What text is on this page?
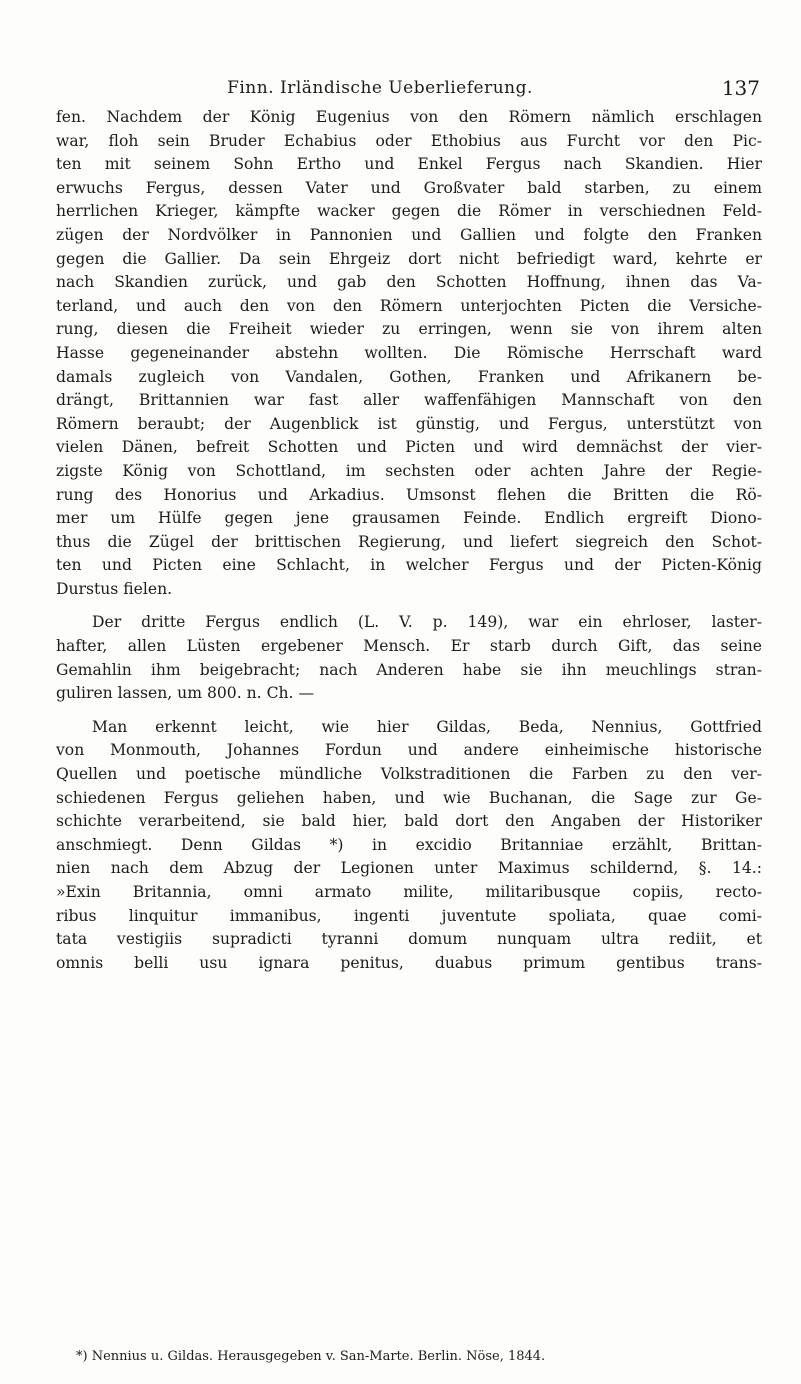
Finn. Irländische Ueberlieferung.	137
fen. Nachdem der König Eugenius von den Römern nämlich erschlagen
war, floh sein Bruder Echabius oder Ethobius aus Furcht vor den Pic-
ten mit seinem Sohn Ertho und Enkel Fergus nach Skandien. Hier
erwuchs Fergus, dessen Vater und Großvater bald starben, zu einem
herrlichen Krieger, kämpfte wacker gegen die Römer in verschiednen Feld-
zügen der Nordvölker in Pannonien und Gallien und folgte den Franken
gegen die Gallier. Da sein Ehrgeiz dort nicht befriedigt ward, kehrte er
nach Skandien zurück, und gab den Schotten Hoffnung, ihnen das Va-
terland, und auch den von den Römern unterjochten Picten die Versiche-
rung, diesen die Freiheit wieder zu erringen, wenn sie von ihrem alten
Hasse gegeneinander abstehn wollten. Die Römische Herrschaft ward
damals zugleich von Vandalen, Gothen, Franken und Afrikanern be-
drängt, Brittannien war fast aller waffenfähigen Mannschaft von den
Römern beraubt; der Augenblick ist günstig, und Fergus, unterstützt von
vielen Dänen, befreit Schotten und Picten und wird demnächst der vier-
zigste König von Schottland, im sechsten oder achten Jahre der Regie-
rung des Honorius und Arkadius. Umsonst flehen die Britten die Rö-
mer um Hülfe gegen jene grausamen Feinde. Endlich ergreift Diono-
thus die Zügel der brittischen Regierung, und liefert siegreich den Schot-
ten und Picten eine Schlacht, in welcher Fergus und der Picten-König
Durstus fielen.
Der dritte Fergus endlich (L. V. p. 149), war ein ehrloser, laster-
hafter, allen Lüsten ergebener Mensch. Er starb durch Gift, das seine
Gemahlin ihm beigebracht; nach Anderen habe sie ihn meuchlings stran-
guliren lassen, um 800. n. Ch. —
Man erkennt leicht, wie hier Gildas, Beda, Nennius, Gottfried
von Monmouth, Johannes Fordun und andere einheimische historische
Quellen und poetische mündliche Volkstraditionen die Farben zu den ver-
schiedenen Fergus geliehen haben, und wie Buchanan, die Sage zur Ge-
schichte verarbeitend, sie bald hier, bald dort den Angaben der Historiker
anschmiegt. Denn Gildas *) in excidio Britanniae erzählt, Brittan-
nien nach dem Abzug der Legionen unter Maximus schildernd, §. 14.:
»Exin Britannia, omni armato milite, militaribusque copiis, recto-
ribus linquitur immanibus, ingenti juventute spoliata, quae comi-
tata vestigiis supradicti tyranni domum nunquam ultra rediit, et
omnis belli usu ignara penitus, duabus primum gentibus trans-
*) Nennius u. Gildas. Herausgegeben v. San-Marte. Berlin. Nöse, 1844.
